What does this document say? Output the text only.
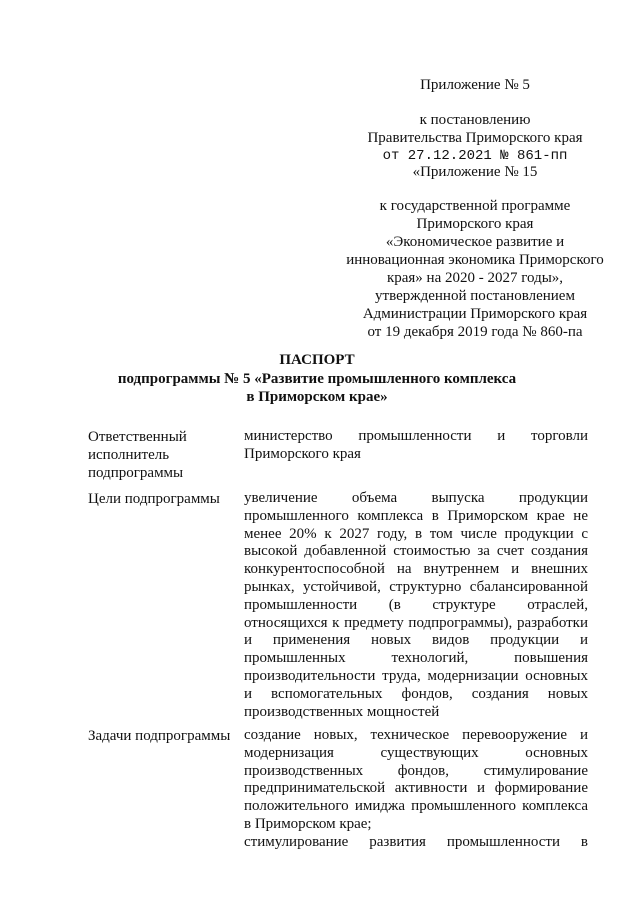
Приложение № 5
к постановлению
Правительства Приморского края
от 27.12.2021 № 861-пп
«Приложение № 15
к государственной программе
Приморского края
«Экономическое развитие и
инновационная экономика Приморского
края» на 2020 - 2027 годы»,
утвержденной постановлением
Администрации Приморского края
от 19 декабря 2019 года № 860-па
ПАСПОРТ
подпрограммы № 5 «Развитие промышленного комплекса
в Приморском крае»
Ответственный исполнитель подпрограммы

министерство промышленности и торговли Приморского края

Цели подпрограммы	увеличение объема выпуска продукции промышленного комплекса в Приморском крае не менее 20% к 2027 году, в том числе продукции с высокой добавленной стоимостью за счет создания конкурентоспособной на внутреннем и внешних рынках, устойчивой, структурно сбалансированной промышленности (в структуре отраслей, относящихся к предмету подпрограммы), разработки и применения новых видов продукции и промышленных технологий, повышения производительности труда, модернизации основных и вспомогательных фондов, создания новых производственных мощностей

Задачи подпрограммы создание новых, техническое перевооружение и модернизация существующих основных производственных фондов, стимулирование предпринимательской активности и формирование положительного имиджа промышленного комплекса в Приморском крае;

стимулирование развития промышленности в
